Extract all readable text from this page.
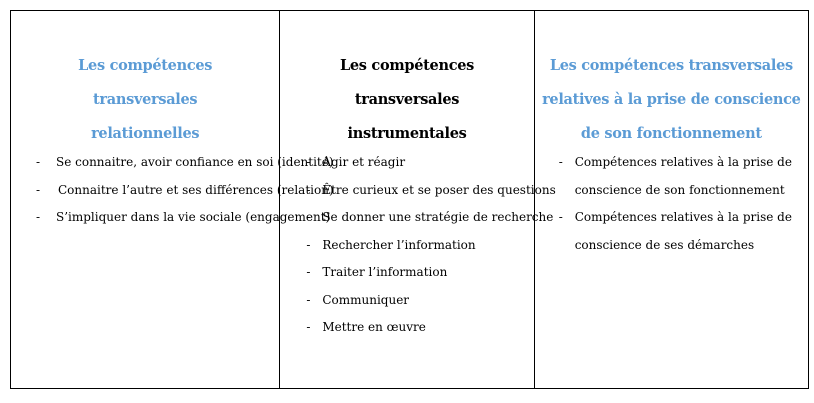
Les compétences transversales relationnelles
- Se connaitre, avoir confiance en soi (identité)
- Connaitre l’autre et ses différences (relation)
- S’impliquer dans la vie sociale (engagement)
Les compétences transversales instrumentales
- Agir et réagir
- Être curieux et se poser des questions
- Se donner une stratégie de recherche
- Rechercher l’information
- Traiter l’information
- Communiquer
- Mettre en œuvre
Les compétences transversales relatives à la prise de conscience de son fonctionnement
- Compétences relatives à la prise de conscience de son fonctionnement
- Compétences relatives à la prise de conscience de ses démarches
